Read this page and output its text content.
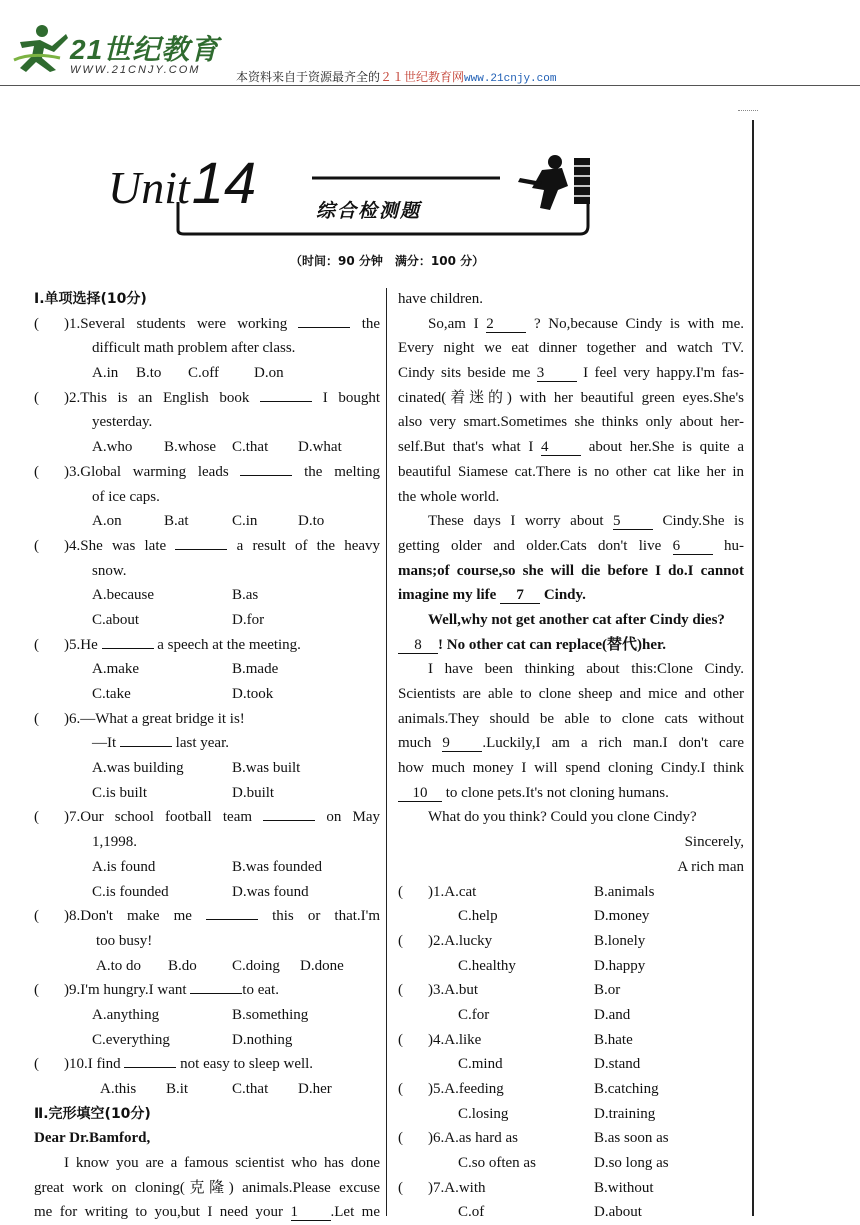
21世纪教育
WWW.21CNJY.COM	本资料来自于资源最齐全的２１世纪教育网www.21cnjy.com
Unit14	综合检测题
（时间：90 分钟　满分：100 分）
Ⅰ.单项选择(10分)
( )1.Several students were working	the
difficult math problem after class.
A.in B.to C.off D.on
( )2.This is an English book	I bought
yesterday.
A.who B.whose C.that D.what
( )3.Global warming leads	the melting
of ice caps.
A.on	B.at	C.in	D.to
( )4.She was late	a result of the heavy
snow.
A.because	B.as
C.about	D.for
( )5.He	a speech at the meeting.
A.make	B.made
C.take	D.took
( )6.—What a great bridge it is!
—It	last year.
A.was building	B.was built
C.is built	D.built
( )7.Our school football team	on May
1,1998.
A.is found	B.was founded
C.is founded	D.was found
( )8.Don't make me	this or that.I'm
too busy!
A.to do B.do C.doing D.done
( )9.I'm hungry.I want	to eat.
A.anything	B.something
C.everything	D.nothing
( )10.I find	not easy to sleep well.
A.this B.it	C.that D.her
Ⅱ.完形填空(10分)
Dear Dr.Bamford,
I know you are a famous scientist who has done
great work on cloning(克隆) animals.Please excuse
me for writing to you,but I need your 1 .Let me
have children.
So,am I 2	? No,because Cindy is with me.
Every night we eat dinner together and watch TV.
Cindy sits beside me 3	I feel very happy.I'm fas-
cinated(着迷的) with her beautiful green eyes.She's
also very smart.Sometimes she thinks only about her-
self.But that's what I 4	about her.She is quite a
beautiful Siamese cat.There is no other cat like her in
the whole world.
These days I worry about 5	Cindy.She is
getting older and older.Cats don't live 6	hu-
mans;of course,so she will die before I do.I cannot
imagine my life 7 Cindy.
Well,why not get another cat after Cindy dies?
8 ! No other cat can replace(替代)her.
I have been thinking about this:Clone Cindy.
Scientists are able to clone sheep and mice and other
animals.They should be able to clone cats without
much 9 .Luckily,I am a rich man.I don't care
how much money I will spend cloning Cindy.I think
10 to clone pets.It's not cloning humans.
What do you think? Could you clone Cindy?
Sincerely,
A rich man
( )1.A.cat	B.animals
C.help	D.money
( )2.A.lucky	B.lonely
C.healthy	D.happy
( )3.A.but	B.or
C.for	D.and
( )4.A.like	B.hate
C.mind	D.stand
( )5.A.feeding	B.catching
C.losing	D.training
( )6.A.as hard as	B.as soon as
C.so often as	D.so long as
( )7.A.with	B.without
C.of	D.about
